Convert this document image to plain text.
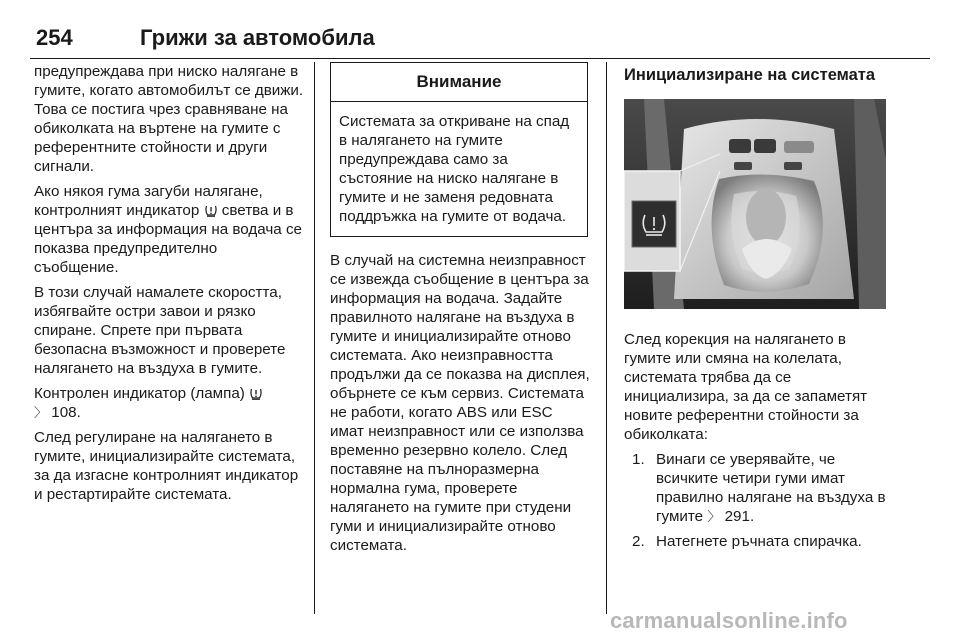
254	Грижи за автомобила

предупреждава при ниско налягане в гумите, когато автомобилът се движи. Това се постига чрез сравняване на обиколката на въртене на гумите с референтните стойности и други сигнали.

Ако някоя гума загуби налягане, контролният индикатор светва и в центъра за информация на водача се показва предупредително съобщение.

В този случай намалете скоростта, избягвайте остри завои и рязко спиране. Спрете при първата безопасна възможност и проверете налягането на въздуха в гумите.

Контролен индикатор (лампа)
〉 108.

След регулиране на налягането в гумите, инициализирайте системата, за да изгасне контролният индикатор и рестартирайте системата.

Внимание
Системата за откриване на спад в налягането на гумите предупреждава само за състояние на ниско налягане в гумите и не заменя редовната поддръжка на гумите от водача.

В случай на системна неизправност се извежда съобщение в центъра за информация на водача. Задайте правилното налягане на въздуха в гумите и инициализирайте отново системата. Ако неизправността продължи да се показва на дисплея, обърнете се към сервиз. Системата не работи, когато ABS или ESC имат неизправност или се използва временно резервно колело. След поставяне на пълноразмерна нормална гума, проверете налягането на гумите при студени гуми и инициализирайте отново системата.

Инициализиране на системата

След корекция на налягането в гумите или смяна на колелата, системата трябва да се инициализира, за да се запаметят новите референтни стойности за обиколката:

1. Винаги се уверявайте, че всичките четири гуми имат правилно налягане на въздуха в гумите 〉 291.
2. Натегнете ръчната спирачка.
carmanualsonline.info
